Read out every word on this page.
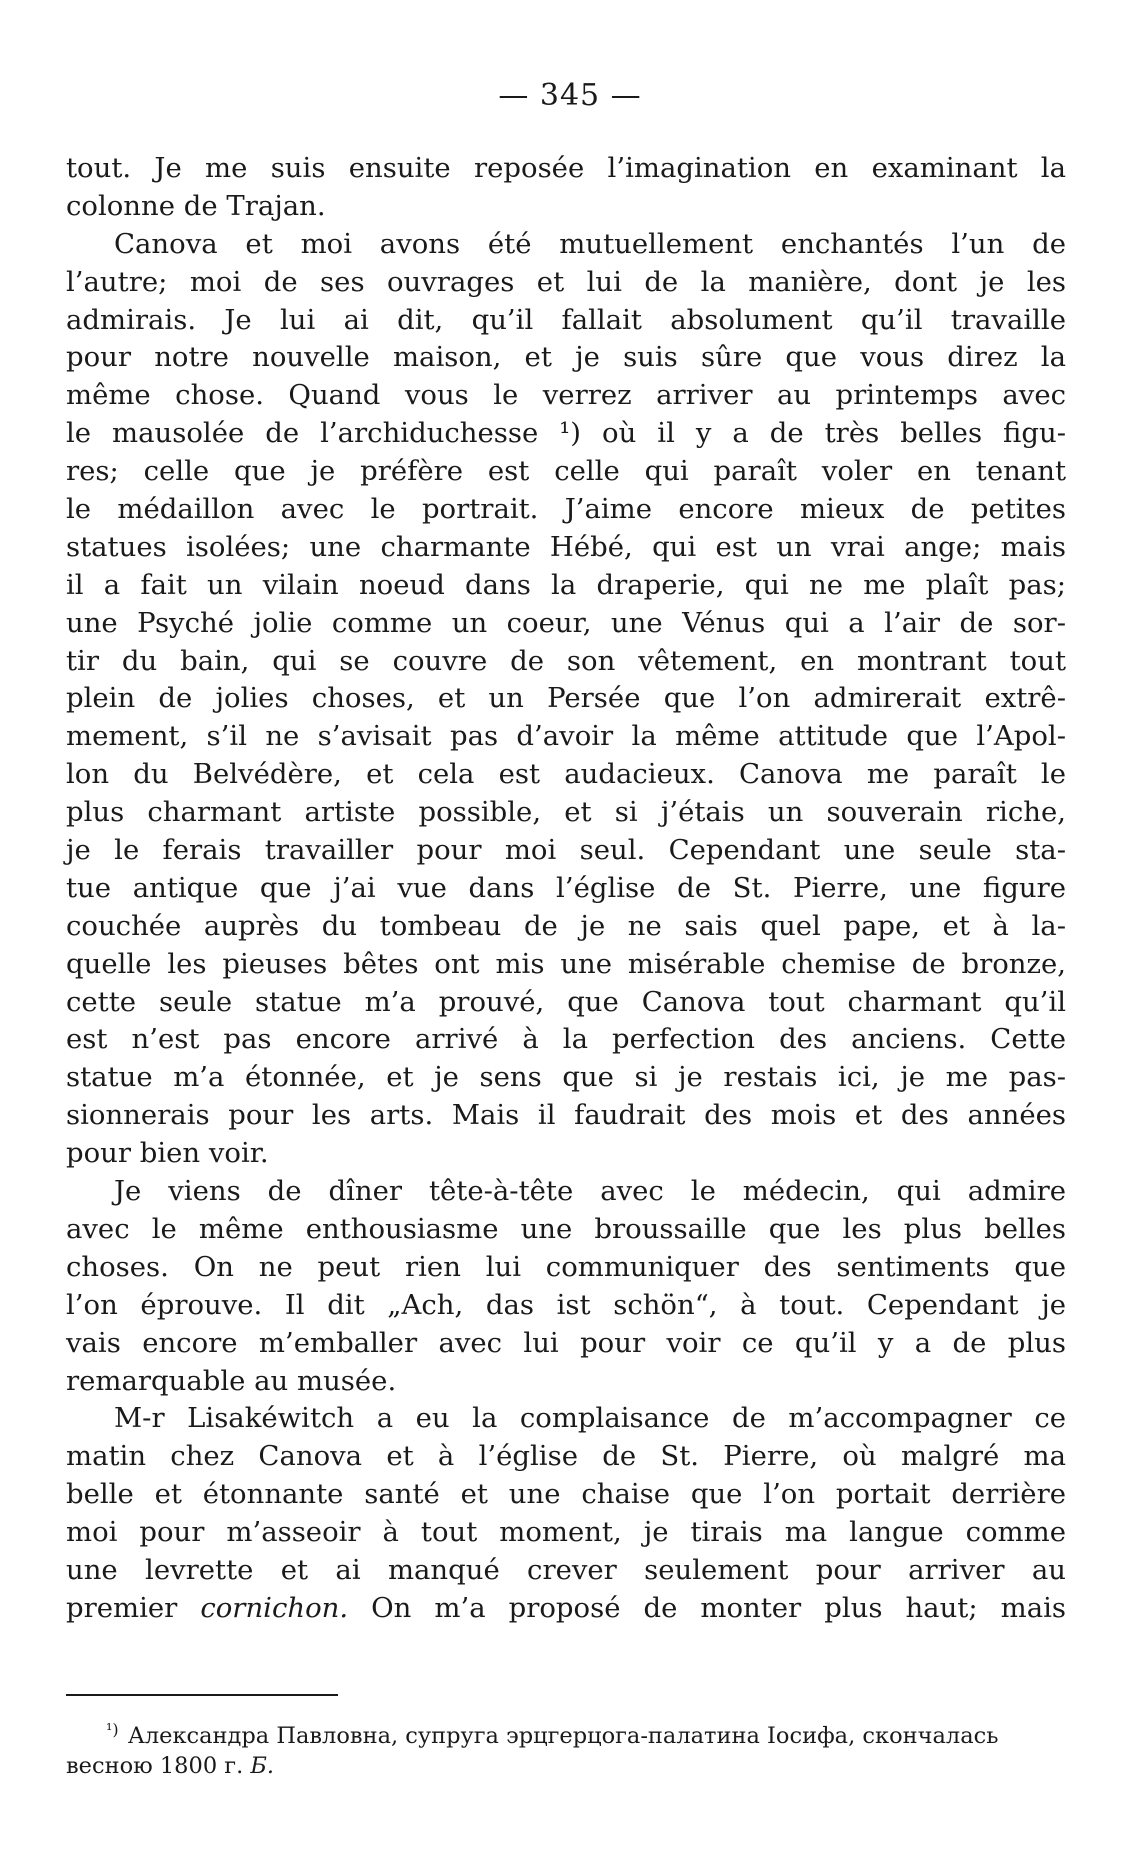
— 345 —
tout. Je me suis ensuite reposée l’imagination en examinant la
colonne de Trajan.
Canova et moi avons été mutuellement enchantés l’un de
l’autre; moi de ses ouvrages et lui de la manière, dont je les
admirais. Je lui ai dit, qu’il fallait absolument qu’il travaille
pour notre nouvelle maison, et je suis sûre que vous direz la
même chose. Quand vous le verrez arriver au printemps avec
le mausolée de l’archiduchesse ¹) où il y a de très belles figu-
res; celle que je préfère est celle qui paraît voler en tenant
le médaillon avec le portrait. J’aime encore mieux de petites
statues isolées; une charmante Hébé, qui est un vrai ange; mais
il a fait un vilain noeud dans la draperie, qui ne me plaît pas;
une Psyché jolie comme un coeur, une Vénus qui a l’air de sor-
tir du bain, qui se couvre de son vêtement, en montrant tout
plein de jolies choses, et un Persée que l’on admirerait extrê-
mement, s’il ne s’avisait pas d’avoir la même attitude que l’Apol-
lon du Belvédère, et cela est audacieux. Canova me paraît le
plus charmant artiste possible, et si j’étais un souverain riche,
je le ferais travailler pour moi seul. Cependant une seule sta-
tue antique que j’ai vue dans l’église de St. Pierre, une figure
couchée auprès du tombeau de je ne sais quel pape, et à la-
quelle les pieuses bêtes ont mis une misérable chemise de bronze,
cette seule statue m’a prouvé, que Canova tout charmant qu’il
est n’est pas encore arrivé à la perfection des anciens. Cette
statue m’a étonnée, et je sens que si je restais ici, je me pas-
sionnerais pour les arts. Mais il faudrait des mois et des années
pour bien voir.
Je viens de dîner tête-à-tête avec le médecin, qui admire
avec le même enthousiasme une broussaille que les plus belles
choses. On ne peut rien lui communiquer des sentiments que
l’on éprouve. Il dit „Ach, das ist schön“, à tout. Cependant je
vais encore m’emballer avec lui pour voir ce qu’il y a de plus
remarquable au musée.
M-r Lisakéwitch a eu la complaisance de m’accompagner ce
matin chez Canova et à l’église de St. Pierre, où malgré ma
belle et étonnante santé et une chaise que l’on portait derrière
moi pour m’asseoir à tout moment, je tirais ma langue comme
une levrette et ai manqué crever seulement pour arriver au
premier cornichon. On m’a proposé de monter plus haut; mais
$^{^1)}$ Александра Павловна, супруга эрцгерцога-палатина Іосифа, скончалась
весною 1800 г. Б.
